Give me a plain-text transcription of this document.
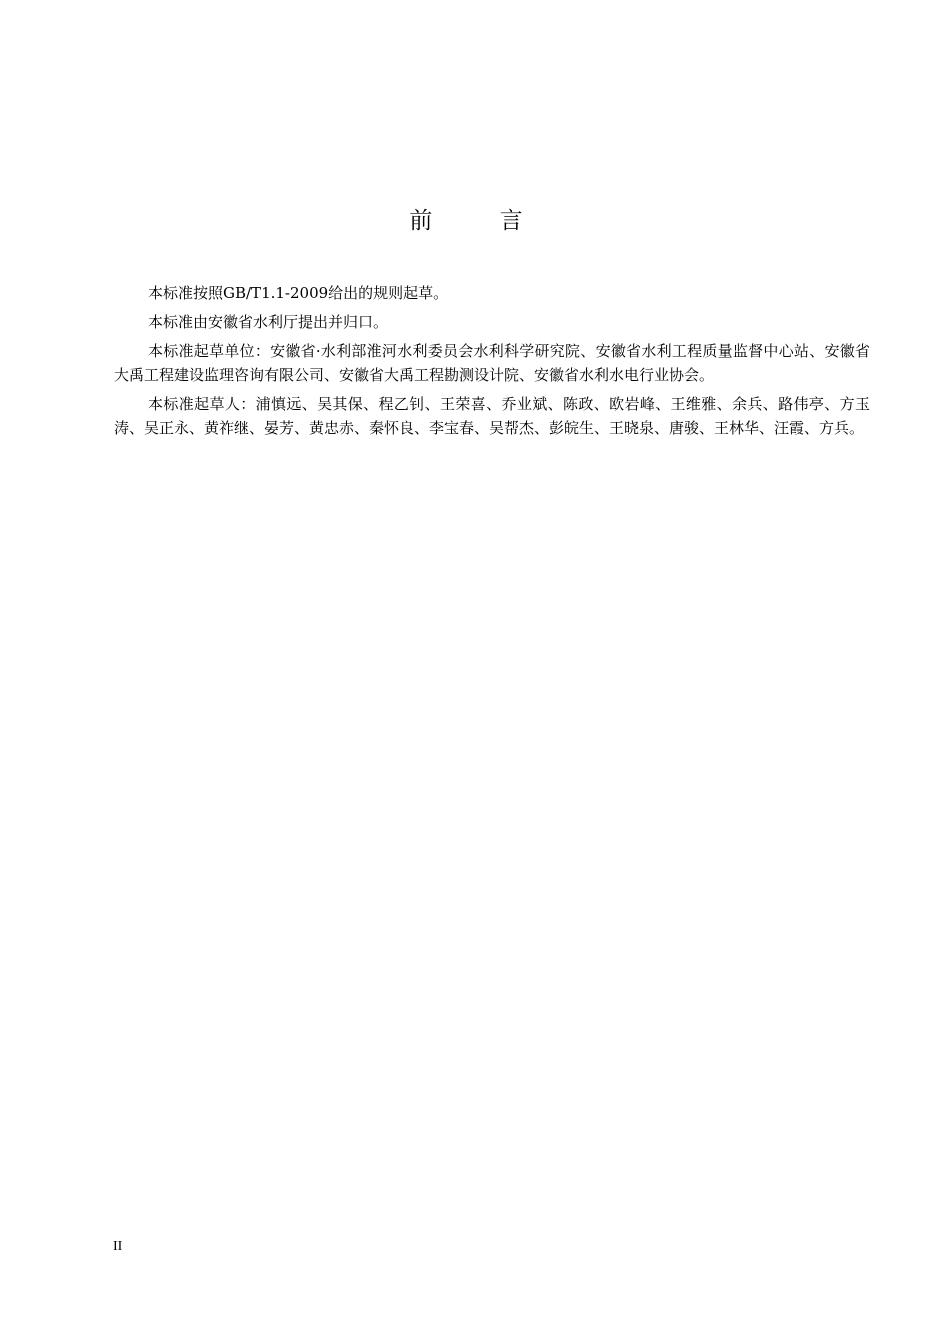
前 言

本标准按照GB/T1.1-2009给出的规则起草。

本标准由安徽省水利厅提出并归口。

本标准起草单位：安徽省·水利部淮河水利委员会水利科学研究院、安徽省水利工程质量监督中心站、安徽省大禹工程建设监理咨询有限公司、安徽省大禹工程勘测设计院、安徽省水利水电行业协会。

本标准起草人：浦慎远、吴其保、程乙钊、王荣喜、乔业斌、陈政、欧岩峰、王维雅、余兵、路伟亭、方玉涛、吴正永、黄祚继、晏芳、黄忠赤、秦怀良、李宝春、吴帮杰、彭皖生、王晓泉、唐骏、王林华、汪霞、方兵。

II
